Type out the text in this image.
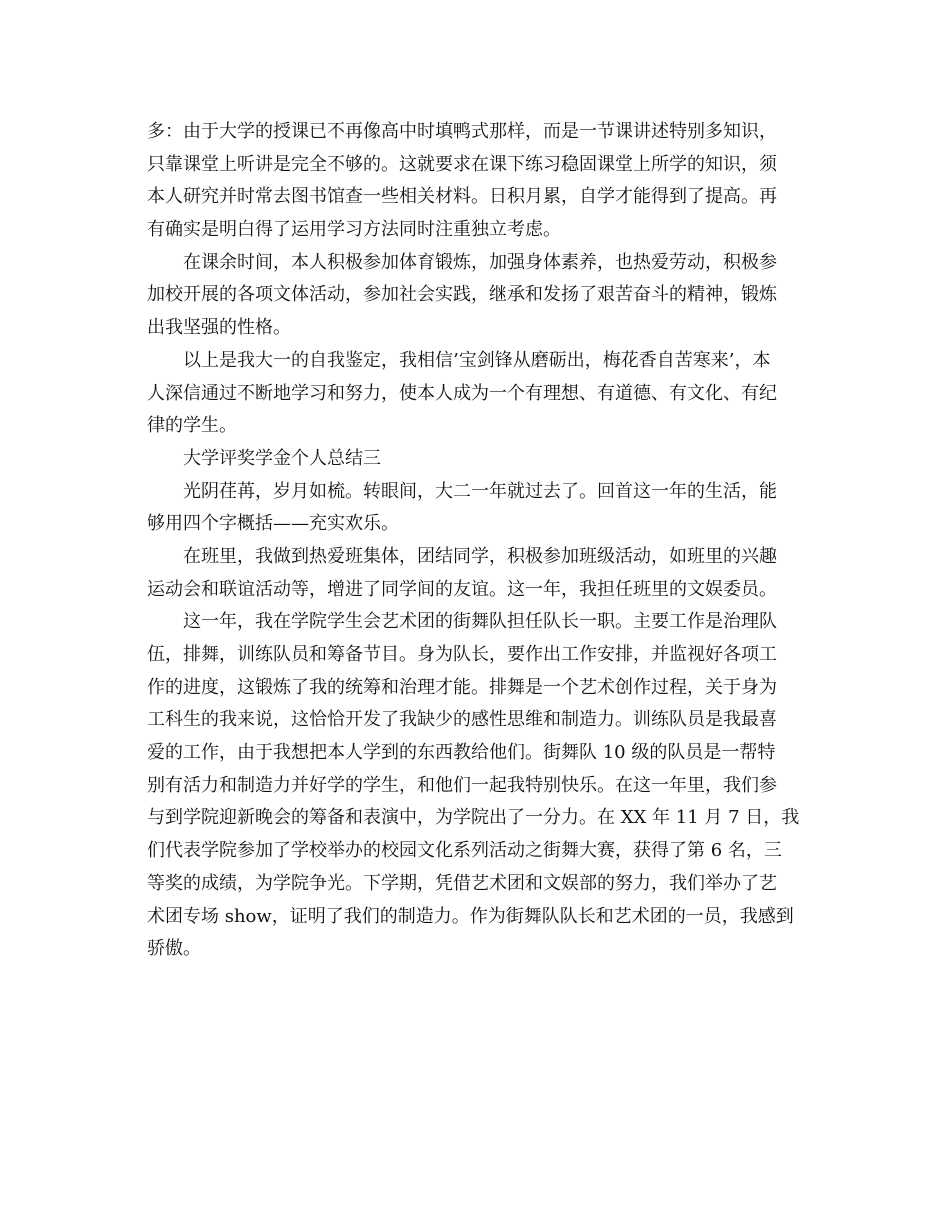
多：由于大学的授课已不再像高中时填鸭式那样，而是一节课讲述特别多知识，
只靠课堂上听讲是完全不够的。这就要求在课下练习稳固课堂上所学的知识，须
本人研究并时常去图书馆查一些相关材料。日积月累，自学才能得到了提高。再
有确实是明白得了运用学习方法同时注重独立考虑。
在课余时间，本人积极参加体育锻炼，加强身体素养，也热爱劳动，积极参
加校开展的各项文体活动，参加社会实践，继承和发扬了艰苦奋斗的精神，锻炼
出我坚强的性格。
以上是我大一的自我鉴定，我相信’宝剑锋从磨砺出，梅花香自苦寒来’，本
人深信通过不断地学习和努力，使本人成为一个有理想、有道德、有文化、有纪
律的学生。
大学评奖学金个人总结三
光阴荏苒，岁月如梳。转眼间，大二一年就过去了。回首这一年的生活，能
够用四个字概括——充实欢乐。
在班里，我做到热爱班集体，团结同学，积极参加班级活动，如班里的兴趣
运动会和联谊活动等，增进了同学间的友谊。这一年，我担任班里的文娱委员。
这一年，我在学院学生会艺术团的街舞队担任队长一职。主要工作是治理队
伍，排舞，训练队员和筹备节目。身为队长，要作出工作安排，并监视好各项工
作的进度，这锻炼了我的统筹和治理才能。排舞是一个艺术创作过程，关于身为
工科生的我来说，这恰恰开发了我缺少的感性思维和制造力。训练队员是我最喜
爱的工作，由于我想把本人学到的东西教给他们。街舞队 10 级的队员是一帮特
别有活力和制造力并好学的学生，和他们一起我特别快乐。在这一年里，我们参
与到学院迎新晚会的筹备和表演中，为学院出了一分力。在 XX 年 11 月 7 日，我
们代表学院参加了学校举办的校园文化系列活动之街舞大赛，获得了第 6 名，三
等奖的成绩，为学院争光。下学期，凭借艺术团和文娱部的努力，我们举办了艺
术团专场 show，证明了我们的制造力。作为街舞队队长和艺术团的一员，我感到
骄傲。
